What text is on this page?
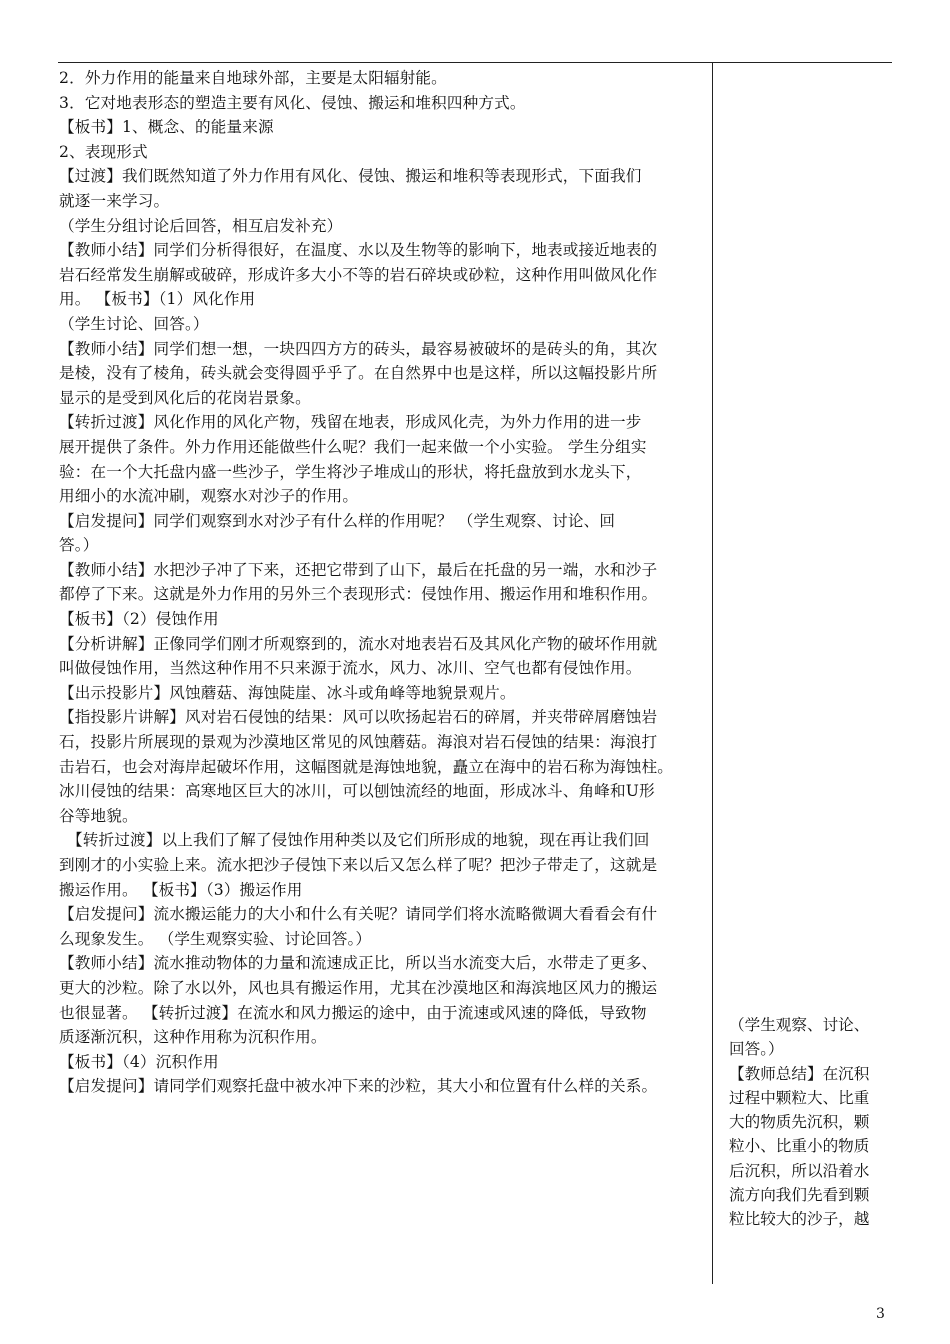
2．外力作用的能量来自地球外部，主要是太阳辐射能。

3．它对地表形态的塑造主要有风化、侵蚀、搬运和堆积四种方式。

【板书】1、概念、的能量来源

2、表现形式

【过渡】我们既然知道了外力作用有风化、侵蚀、搬运和堆积等表现形式，下面我们

就逐一来学习。

（学生分组讨论后回答，相互启发补充）

【教师小结】同学们分析得很好，在温度、水以及生物等的影响下，地表或接近地表的

岩石经常发生崩解或破碎，形成许多大小不等的岩石碎块或砂粒，这种作用叫做风化作

用。 【板书】（1）风化作用

（学生讨论、回答。）

【教师小结】同学们想一想，一块四四方方的砖头，最容易被破坏的是砖头的角，其次

是棱，没有了棱角，砖头就会变得圆乎乎了。在自然界中也是这样，所以这幅投影片所

显示的是受到风化后的花岗岩景象。

【转折过渡】风化作用的风化产物，残留在地表，形成风化壳，为外力作用的进一步

展开提供了条件。外力作用还能做些什么呢？我们一起来做一个小实验。 学生分组实

验：在一个大托盘内盛一些沙子，学生将沙子堆成山的形状，将托盘放到水龙头下，

用细小的水流冲刷，观察水对沙子的作用。

【启发提问】同学们观察到水对沙子有什么样的作用呢？ （学生观察、讨论、回

答。）

【教师小结】水把沙子冲了下来，还把它带到了山下，最后在托盘的另一端，水和沙子

都停了下来。这就是外力作用的另外三个表现形式：侵蚀作用、搬运作用和堆积作用。

【板书】（2）侵蚀作用

【分析讲解】正像同学们刚才所观察到的，流水对地表岩石及其风化产物的破坏作用就

叫做侵蚀作用，当然这种作用不只来源于流水，风力、冰川、空气也都有侵蚀作用。

【出示投影片】风蚀蘑菇、海蚀陡崖、冰斗或角峰等地貌景观片。

【指投影片讲解】风对岩石侵蚀的结果：风可以吹扬起岩石的碎屑，并夹带碎屑磨蚀岩

石，投影片所展现的景观为沙漠地区常见的风蚀蘑菇。海浪对岩石侵蚀的结果：海浪打

击岩石，也会对海岸起破坏作用，这幅图就是海蚀地貌，矗立在海中的岩石称为海蚀柱。

冰川侵蚀的结果：高寒地区巨大的冰川，可以刨蚀流经的地面，形成冰斗、角峰和U形

谷等地貌。

【转折过渡】以上我们了解了侵蚀作用种类以及它们所形成的地貌，现在再让我们回

到刚才的小实验上来。流水把沙子侵蚀下来以后又怎么样了呢？把沙子带走了，这就是

搬运作用。 【板书】（3）搬运作用

【启发提问】流水搬运能力的大小和什么有关呢？请同学们将水流略微调大看看会有什

么现象发生。 （学生观察实验、讨论回答。）

【教师小结】流水推动物体的力量和流速成正比，所以当水流变大后，水带走了更多、

更大的沙粒。除了水以外，风也具有搬运作用，尤其在沙漠地区和海滨地区风力的搬运

也很显著。 【转折过渡】在流水和风力搬运的途中，由于流速或风速的降低，导致物

质逐渐沉积，这种作用称为沉积作用。

【板书】（4）沉积作用

【启发提问】请同学们观察托盘中被水冲下来的沙粒，其大小和位置有什么样的关系。

（学生观察、讨论、

回答。）

【教师总结】在沉积

过程中颗粒大、比重

大的物质先沉积，颗

粒小、比重小的物质

后沉积，所以沿着水

流方向我们先看到颗

粒比较大的沙子，越

3
